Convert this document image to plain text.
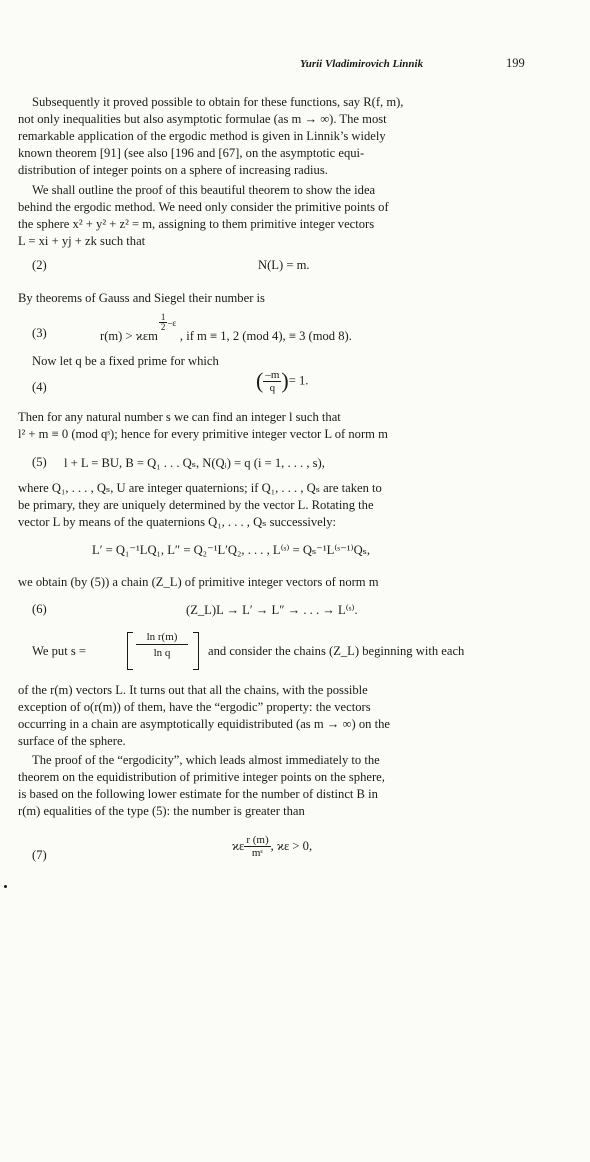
Yurii Vladimirovich Linnik	199
Subsequently it proved possible to obtain for these functions, say R(f, m),
not only inequalities but also asymptotic formulae (as m → ∞). The most
remarkable application of the ergodic method is given in Linnik’s widely
known theorem [91] (see also [196 and [67], on the asymptotic equi-
distribution of integer points on a sphere of increasing radius.
We shall outline the proof of this beautiful theorem to show the idea
behind the ergodic method. We need only consider the primitive points of
the sphere x² + y² + z² = m, assigning to them primitive integer vectors
L = xi + yj + zk such that
(2)	N(L) = m.
By theorems of Gauss and Siegel their number is
(3)	r(m) > ϰεm
1
2 –ε
, if m ≡ 1, 2 (mod 4), ≡ 3 (mod 8).
Now let q be a fixed prime for which
(4)	( $\frac{-m}{q}$ )= 1.
Then for any natural number s we can find an integer l such that
l² + m ≡ 0 (mod qˢ); hence for every primitive integer vector L of norm m
(5) l + L = BU, B = Q₁ . . . Qₛ, N(Qᵢ) = q (i = 1, . . . , s),
where Q₁, . . . , Qₛ, U are integer quaternions; if Q₁, . . . , Qₛ are taken to
be primary, they are uniquely determined by the vector L. Rotating the
vector L by means of the quaternions Q₁, . . . , Qₛ successively:
L′ = Q₁⁻¹LQ₁, L″ = Q₂⁻¹L′Q₂, . . . , L⁽ˢ⁾ = Qₛ⁻¹L⁽ˢ⁻¹⁾Qₛ,
we obtain (by (5)) a chain (Z_L) of primitive integer vectors of norm m
(6)	(Z_L)L → L′ → L″ → . . . → L⁽ˢ⁾.
We put s =	$\frac{\text{ln r(m)}}{\text{ln q}}$ and consider the chains (Z_L) beginning with each
of the r(m) vectors L. It turns out that all the chains, with the possible
exception of o(r(m)) of them, have the “ergodic” property: the vectors
occurring in a chain are asymptotically equidistributed (as m → ∞) on the
surface of the sphere.
The proof of the “ergodicity”, which leads almost immediately to the
theorem on the equidistribution of primitive integer points on the sphere,
is based on the following lower estimate for the number of distinct B in
r(m) equalities of the type (5): the number is greater than
(7)
ϰε $\frac{r (m)}{\text{mᵋ}}$ , ϰε > 0,
